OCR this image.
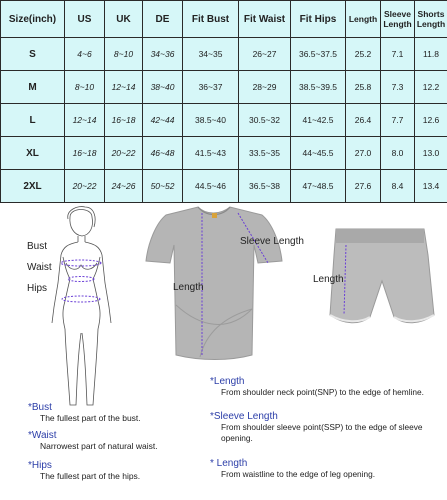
Size(inch)	US	UK	DE	Fit Bust	Fit Waist	Fit Hips	Length	Sleeve Length	Shorts Length
S	4~6	8~10	34~36	34~35	26~27	36.5~37.5	25.2	7.1	11.8
M	8~10	12~14	38~40	36~37	28~29	38.5~39.5	25.8	7.3	12.2
L	12~14	16~18	42~44	38.5~40	30.5~32	41~42.5	26.4	7.7	12.6
XL	16~18	20~22	46~48	41.5~43	33.5~35	44~45.5	27.0	8.0	13.0
2XL	20~22	24~26	50~52	44.5~46	36.5~38	47~48.5	27.6	8.4	13.4
Bust
Waist
Hips	Length
Sleeve Length
Length
*Bust
The fullest part of the bust.
*Waist
Narrowest part of natural waist.
*Hips
The fullest part of the hips.
*Length
From shoulder neck point(SNP) to the edge of hemline.
*Sleeve Length
From shoulder sleeve point(SSP) to the edge of sleeve opening.
* Length
From waistline to the edge of leg opening.
